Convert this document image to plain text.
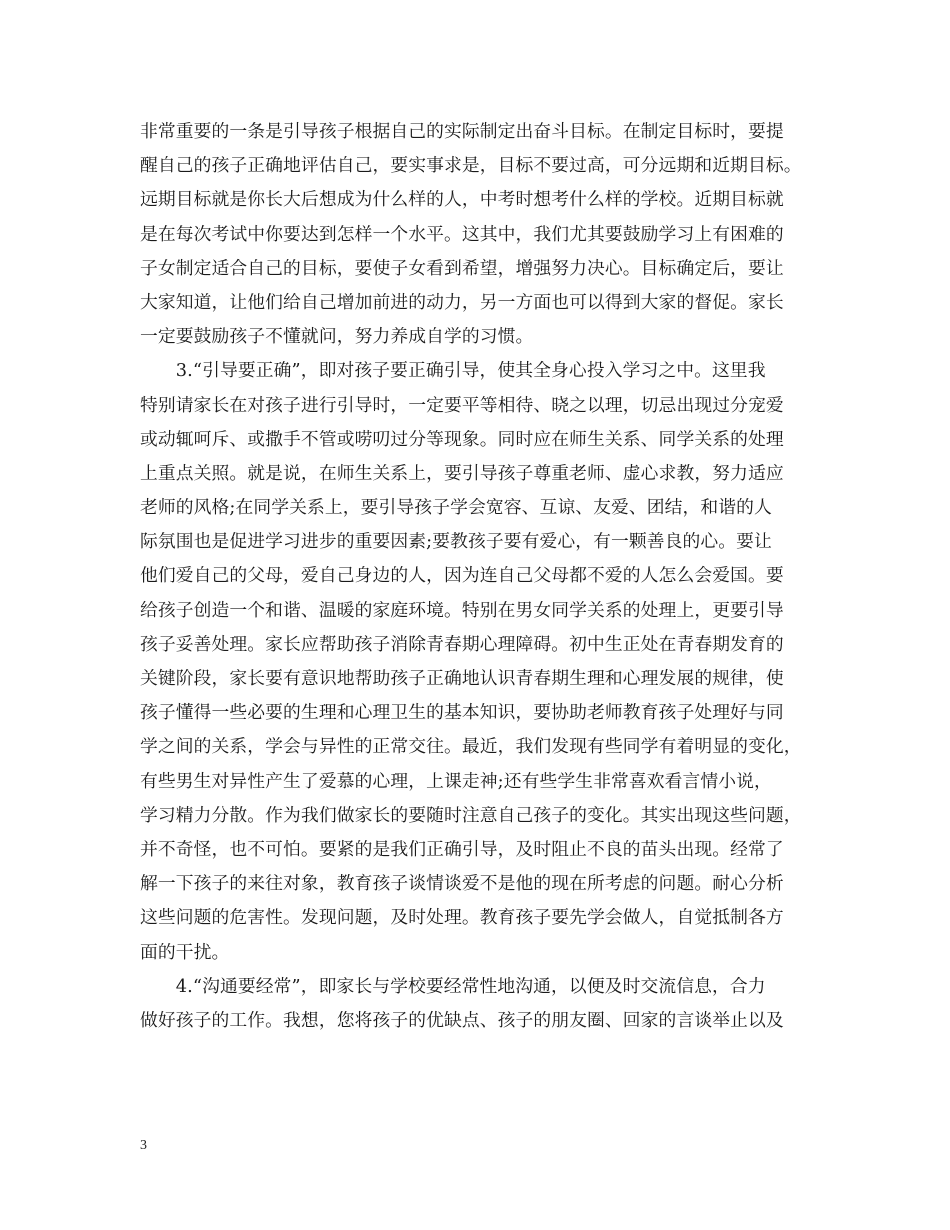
非常重要的一条是引导孩子根据自己的实际制定出奋斗目标。在制定目标时，要提
醒自己的孩子正确地评估自己，要实事求是，目标不要过高，可分远期和近期目标。
远期目标就是你长大后想成为什么样的人，中考时想考什么样的学校。近期目标就
是在每次考试中你要达到怎样一个水平。这其中，我们尤其要鼓励学习上有困难的
子女制定适合自己的目标，要使子女看到希望，增强努力决心。目标确定后，要让
大家知道，让他们给自己增加前进的动力，另一方面也可以得到大家的督促。家长
一定要鼓励孩子不懂就问，努力养成自学的习惯。
　　3.“引导要正确”，即对孩子要正确引导，使其全身心投入学习之中。这里我
特别请家长在对孩子进行引导时，一定要平等相待、晓之以理，切忌出现过分宠爱
或动辄呵斥、或撒手不管或唠叨过分等现象。同时应在师生关系、同学关系的处理
上重点关照。就是说，在师生关系上，要引导孩子尊重老师、虚心求教，努力适应
老师的风格;在同学关系上，要引导孩子学会宽容、互谅、友爱、团结，和谐的人
际氛围也是促进学习进步的重要因素;要教孩子要有爱心，有一颗善良的心。要让
他们爱自己的父母，爱自己身边的人，因为连自己父母都不爱的人怎么会爱国。要
给孩子创造一个和谐、温暖的家庭环境。特别在男女同学关系的处理上，更要引导
孩子妥善处理。家长应帮助孩子消除青春期心理障碍。初中生正处在青春期发育的
关键阶段，家长要有意识地帮助孩子正确地认识青春期生理和心理发展的规律，使
孩子懂得一些必要的生理和心理卫生的基本知识，要协助老师教育孩子处理好与同
学之间的关系，学会与异性的正常交往。最近，我们发现有些同学有着明显的变化，
有些男生对异性产生了爱慕的心理，上课走神;还有些学生非常喜欢看言情小说，
学习精力分散。作为我们做家长的要随时注意自己孩子的变化。其实出现这些问题，
并不奇怪，也不可怕。要紧的是我们正确引导，及时阻止不良的苗头出现。经常了
解一下孩子的来往对象，教育孩子谈情谈爱不是他的现在所考虑的问题。耐心分析
这些问题的危害性。发现问题，及时处理。教育孩子要先学会做人，自觉抵制各方
面的干扰。
　　4.“沟通要经常”，即家长与学校要经常性地沟通，以便及时交流信息，合力
做好孩子的工作。我想，您将孩子的优缺点、孩子的朋友圈、回家的言谈举止以及
3
